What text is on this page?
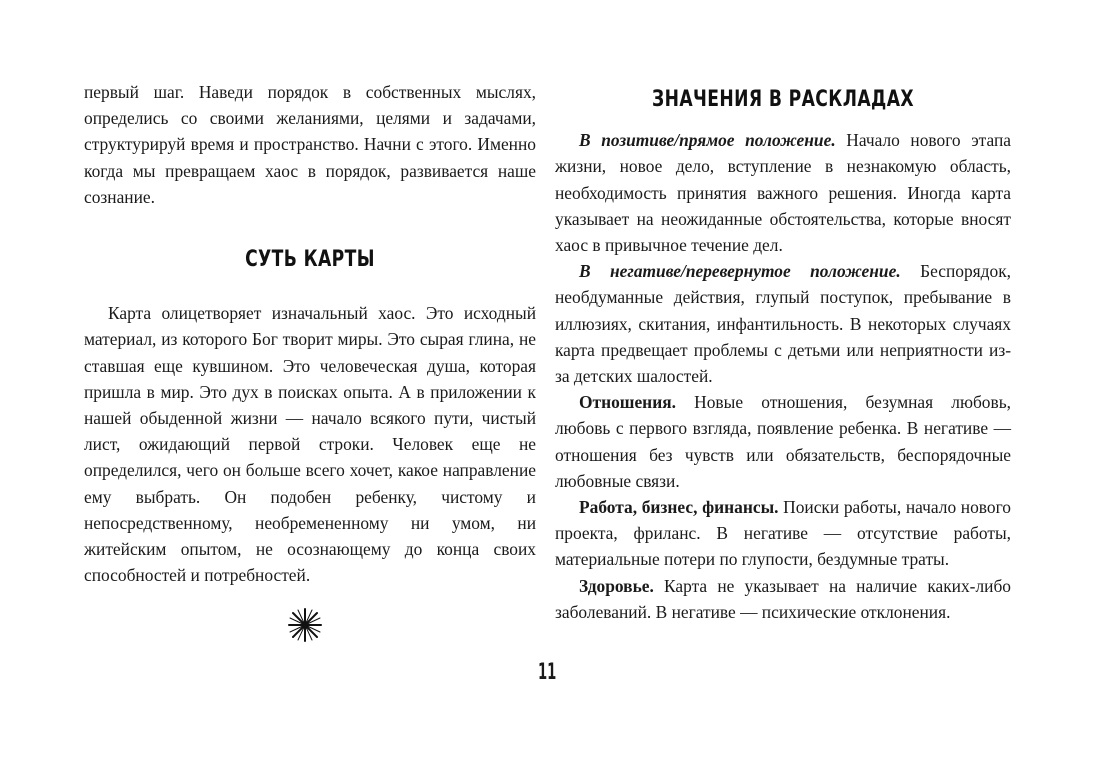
первый шаг. Наведи порядок в собственных мыслях, определись со своими желаниями, целями и задачами, структурируй время и пространство. Начни с этого. Именно когда мы превращаем хаос в порядок, развивается наше сознание.

СУТЬ КАРТЫ

Карта олицетворяет изначальный хаос. Это исходный материал, из которого Бог творит миры. Это сырая глина, не ставшая еще кувшином. Это человеческая душа, которая пришла в мир. Это дух в поисках опыта. А в приложении к нашей обыденной жизни — начало всякого пути, чистый лист, ожидающий первой строки. Человек еще не определился, чего он больше всего хочет, какое направление ему выбрать. Он подобен ребенку, чистому и непосредственному, необремененному ни умом, ни житейским опытом, не осознающему до конца своих способностей и потребностей.

ЗНАЧЕНИЯ В РАСКЛАДАХ

В позитиве/прямое положение. Начало нового этапа жизни, новое дело, вступление в незнакомую область, необходимость принятия важного решения. Иногда карта указывает на неожиданные обстоятельства, которые вносят хаос в привычное течение дел.

В негативе/перевернутое положение. Беспорядок, необдуманные действия, глупый поступок, пребывание в иллюзиях, скитания, инфантильность. В некоторых случаях карта предвещает проблемы с детьми или неприятности из-за детских шалостей.

Отношения. Новые отношения, безумная любовь, любовь с первого взгляда, появление ребенка. В негативе — отношения без чувств или обязательств, беспорядочные любовные связи.

Работа, бизнес, финансы. Поиски работы, начало нового проекта, фриланс. В негативе — отсутствие работы, материальные потери по глупости, бездумные траты.

Здоровье. Карта не указывает на наличие каких-либо заболеваний. В негативе — психические отклонения.

11
